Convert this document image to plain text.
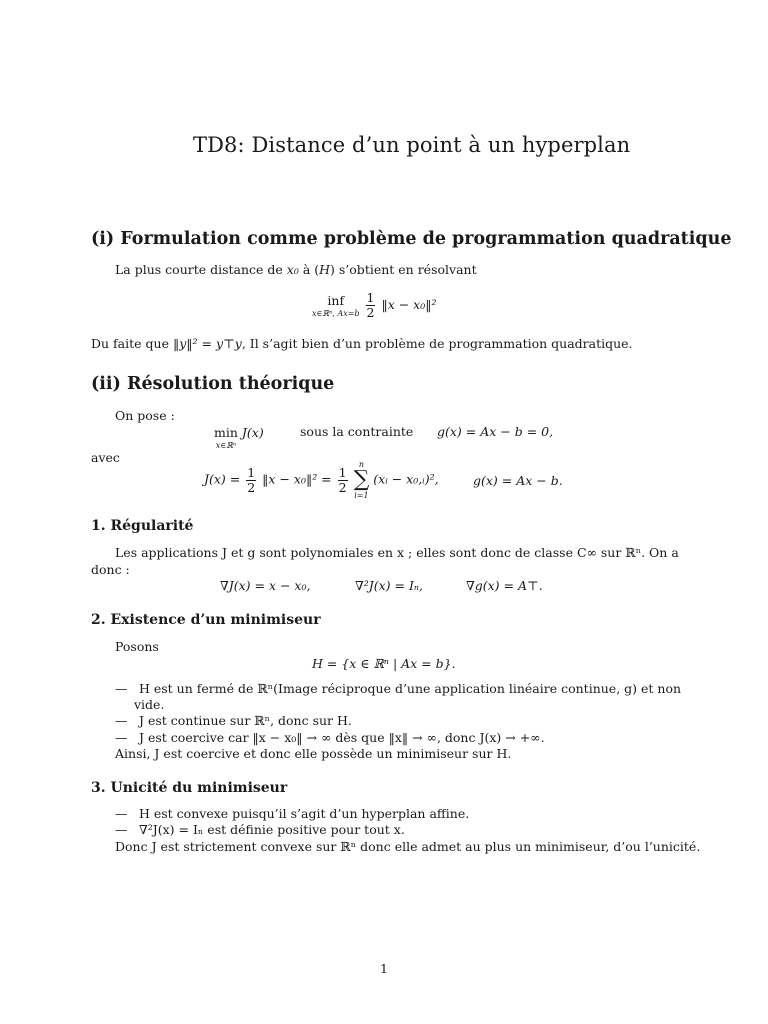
TD8: Distance d’un point à un hyperplan
(i) Formulation comme problème de programmation quadratique
La plus courte distance de x₀ à (H) s’obtient en résolvant
inf
x∈ℝⁿ, Ax=b
$\frac{1}{2}$ ‖x − x₀‖²
Du faite que ‖y‖² = y⊤y, Il s’agit bien d’un problème de programmation quadratique.
(ii) Résolution théorique
On pose :
min
x∈ℝⁿ
J(x)	sous la contrainte g(x) = Ax − b = 0,
avec
$J(x) = \frac{1}{2}$ ‖x − x₀‖² = $\frac{1}{2}$

n
∑
i=1
(xᵢ − x₀,ᵢ)²,	g(x) = Ax − b.
1. Régularité
Les applications J et g sont polynomiales en x ; elles sont donc de classe C∞ sur ℝⁿ. On a
donc :
∇J(x) = x − x₀,	∇²J(x) = Iₙ,	∇g(x) = A⊤.
2. Existence d’un minimiseur
Posons
H = {x ∈ ℝⁿ | Ax = b}.
— H est un fermé de ℝⁿ(Image réciproque d’une application linéaire continue, g) et non
vide.
— J est continue sur ℝⁿ, donc sur H.
— J est coercive car ‖x − x₀‖ → ∞ dès que ‖x‖ → ∞, donc J(x) → +∞.
Ainsi, J est coercive et donc elle possède un minimiseur sur H.
3. Unicité du minimiseur
— H est convexe puisqu’il s’agit d’un hyperplan affine.
— ∇²J(x) = Iₙ est définie positive pour tout x.
Donc J est strictement convexe sur ℝⁿ donc elle admet au plus un minimiseur, d’ou l’unicité.
1
